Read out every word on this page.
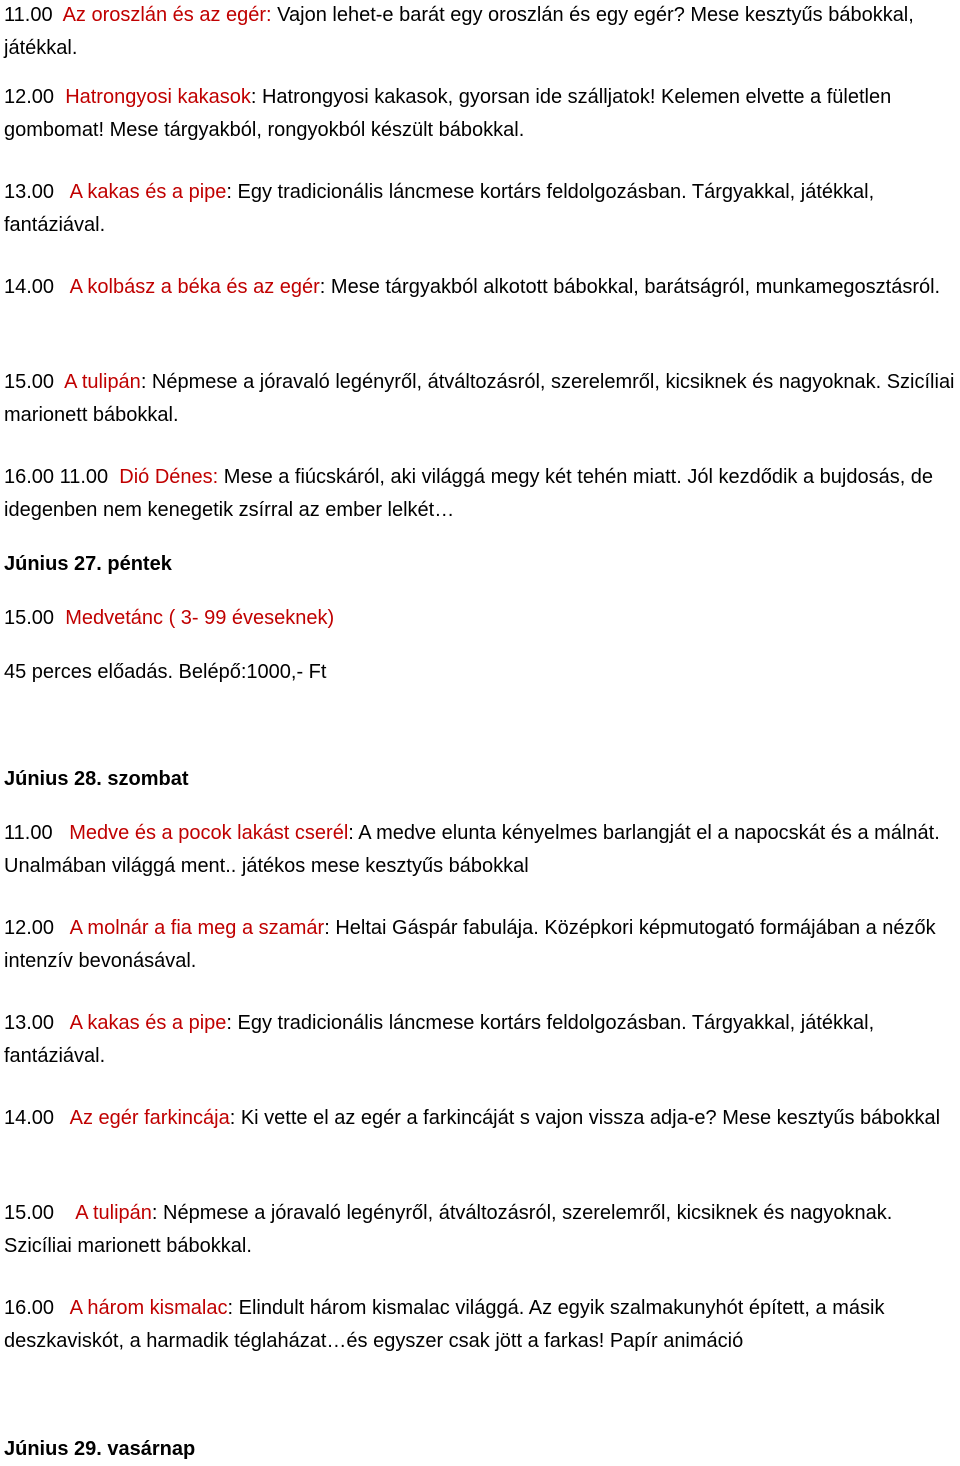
11.00 Az oroszlán és az egér: Vajon lehet-e barát egy oroszlán és egy egér? Mese kesztyűs bábokkal, játékkal.

12.00 Hatrongyosi kakasok: Hatrongyosi kakasok, gyorsan ide szálljatok! Kelemen elvette a fületlen gombomat! Mese tárgyakból, rongyokból készült bábokkal.

13.00 A kakas és a pipe: Egy tradicionális láncmese kortárs feldolgozásban. Tárgyakkal, játékkal, fantáziával.

14.00 A kolbász a béka és az egér: Mese tárgyakból alkotott bábokkal, barátságról, munkamegosztásról.

15.00 A tulipán: Népmese a jóravaló legényről, átváltozásról, szerelemről, kicsiknek és nagyoknak. Szicíliai marionett bábokkal.

16.00 11.00 Dió Dénes: Mese a fiúcskáról, aki világgá megy két tehén miatt. Jól kezdődik a bujdosás, de idegenben nem kenegetik zsírral az ember lelkét…

Június 27. péntek

15.00 Medvetánc ( 3- 99 éveseknek)

45 perces előadás. Belépő:1000,- Ft

Június 28. szombat

11.00 Medve és a pocok lakást cserél: A medve elunta kényelmes barlangját el a napocskát és a málnát. Unalmában világgá ment.. játékos mese kesztyűs bábokkal

12.00 A molnár a fia meg a szamár: Heltai Gáspár fabulája. Középkori képmutogató formájában a nézők intenzív bevonásával.

13.00 A kakas és a pipe: Egy tradicionális láncmese kortárs feldolgozásban. Tárgyakkal, játékkal, fantáziával.

14.00 Az egér farkincája: Ki vette el az egér a farkincáját s vajon vissza adja-e? Mese kesztyűs bábokkal

15.00 A tulipán: Népmese a jóravaló legényről, átváltozásról, szerelemről, kicsiknek és nagyoknak. Szicíliai marionett bábokkal.

16.00 A három kismalac: Elindult három kismalac világgá. Az egyik szalmakunyhót épített, a másik deszkaviskót, a harmadik téglaházat…és egyszer csak jött a farkas! Papír animáció

Június 29. vasárnap
